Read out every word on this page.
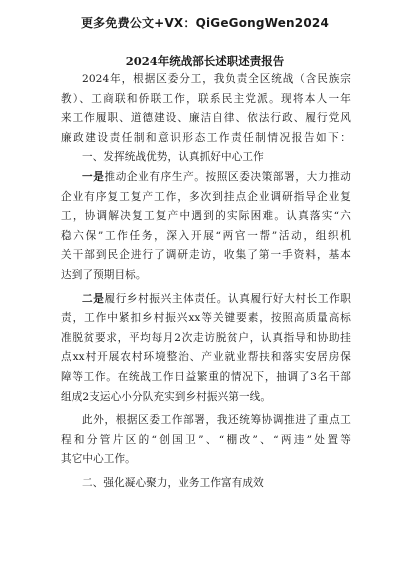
更多免费公文+VX：QiGeGongWen2024
2024年统战部长述职述责报告
2024年，根据区委分工，我负责全区统战（含民族宗
教）、工商联和侨联工作，联系民主党派。现将本人一年
来工作履职、道德建设、廉洁自律、依法行政、履行党风
廉政建设责任制和意识形态工作责任制情况报告如下：
一、发挥统战优势，认真抓好中心工作
一是推动企业有序生产。按照区委决策部署，大力推动
企业有序复工复产工作，多次到挂点企业调研指导企业复
工，协调解决复工复产中遇到的实际困难。认真落实“六
稳六保”工作任务，深入开展“两官一帮”活动，组织机
关干部到民企进行了调研走访，收集了第一手资料，基本
达到了预期目标。
二是履行乡村振兴主体责任。认真履行好大村长工作职
责，工作中紧扣乡村振兴xx等关键要素，按照高质量高标
准脱贫要求，平均每月2次走访脱贫户，认真指导和协助挂
点xx村开展农村环境整治、产业就业帮扶和落实安居房保
障等工作。在统战工作日益繁重的情况下，抽调了3名干部
组成2支运心小分队充实到乡村振兴第一线。
此外，根据区委工作部署，我还统筹协调推进了重点工
程和分管片区的“创国卫”、“棚改”、“两违”处置等
其它中心工作。
二、强化凝心聚力，业务工作富有成效
